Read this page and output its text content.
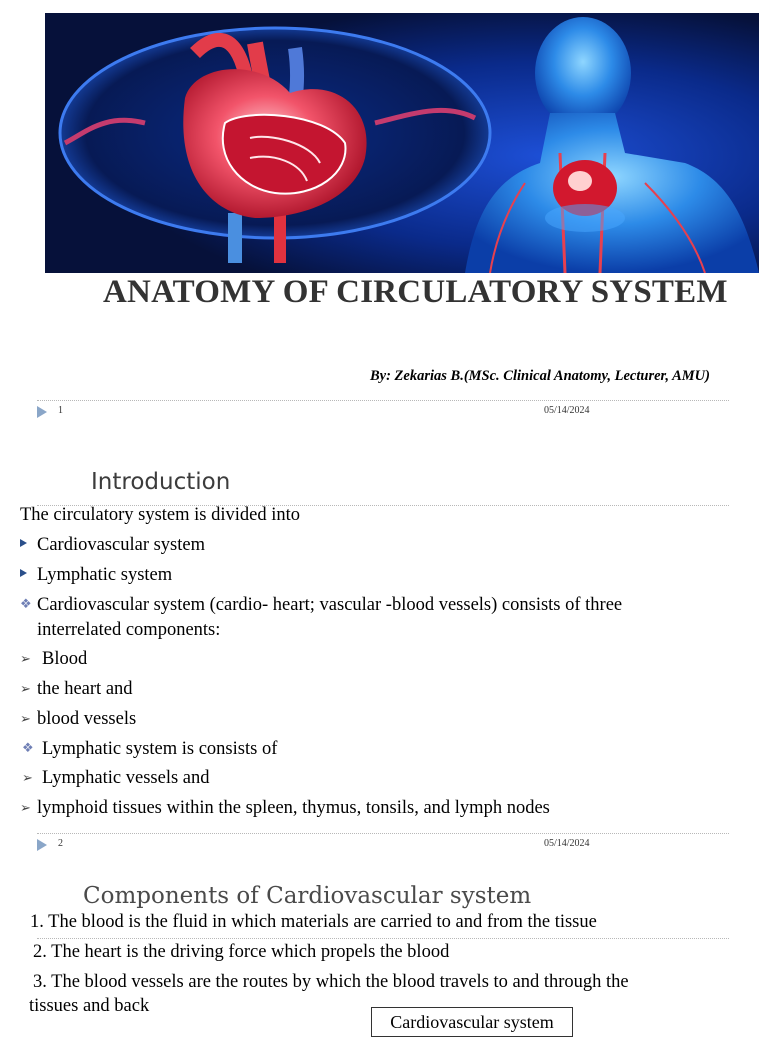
ANATOMY OF CIRCULATORY SYSTEM
By: Zekarias B.(MSc. Clinical Anatomy, Lecturer, AMU)
1	05/14/2024
Introduction
The circulatory system is divided into
Cardiovascular system
Lymphatic system
❖ Cardiovascular system (cardio- heart; vascular -blood vessels) consists of three
interrelated components:
➢ Blood
➢ the heart and
➢ blood vessels
❖ Lymphatic system is consists of
➢ Lymphatic vessels and
➢ lymphoid tissues within the spleen, thymus, tonsils, and lymph nodes
2	05/14/2024
Components of Cardiovascular system
1. The blood is the fluid in which materials are carried to and from the tissue
2. The heart is the driving force which propels the blood
3. The blood vessels are the routes by which the blood travels to and through the
tissues and back
Cardiovascular system
